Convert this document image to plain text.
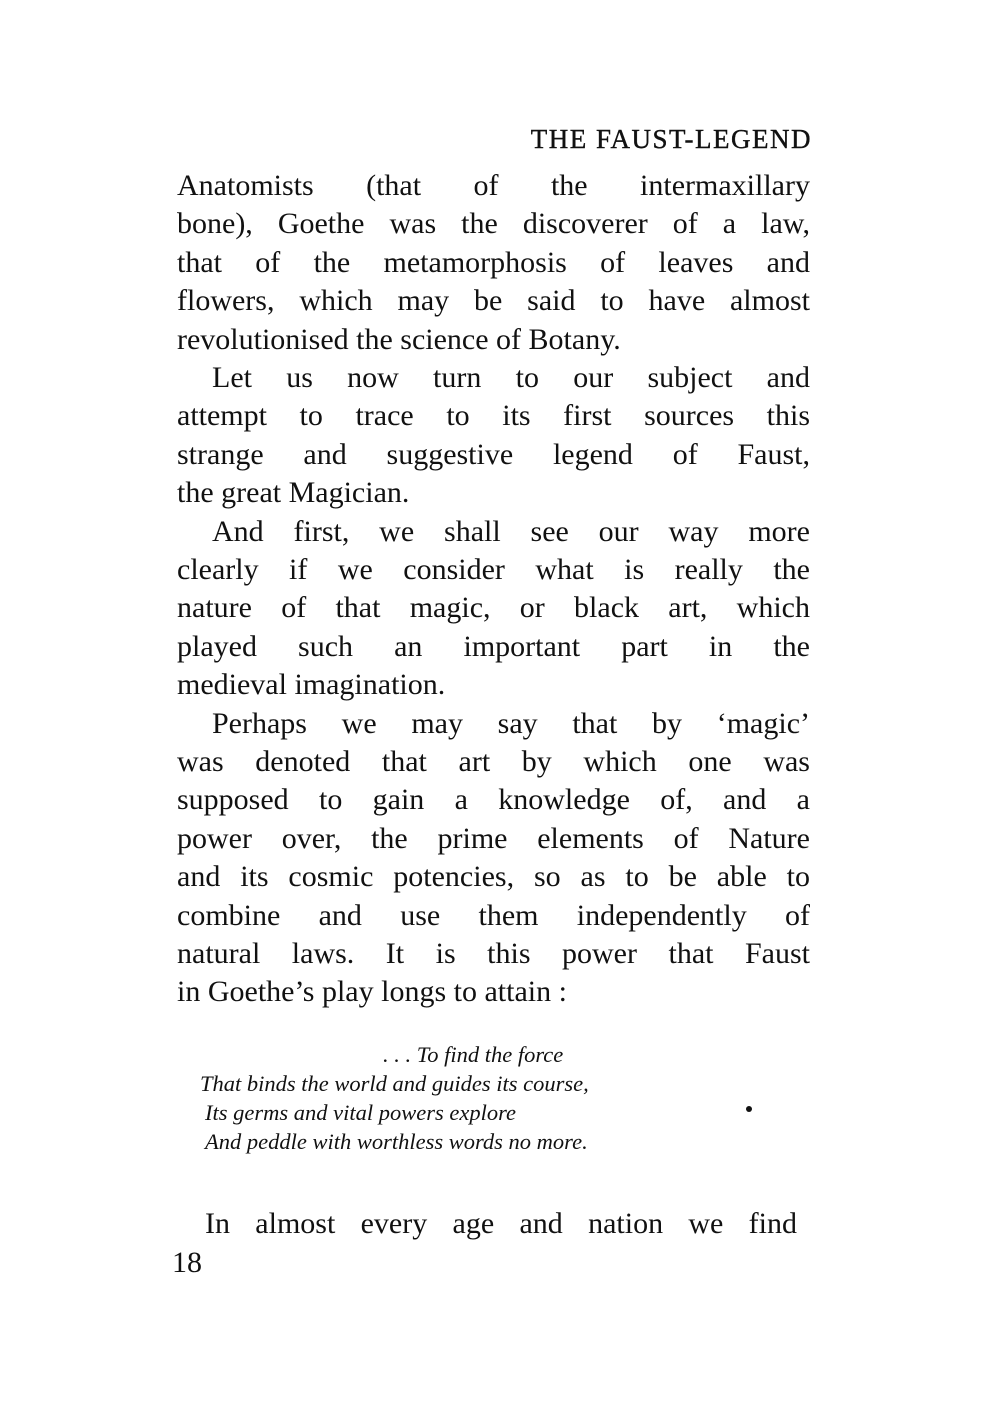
THE FAUST-LEGEND
Anatomists (that of the intermaxillary
bone), Goethe was the discoverer of a law,
that of the metamorphosis of leaves and
flowers, which may be said to have almost
revolutionised the science of Botany.
Let us now turn to our subject and
attempt to trace to its first sources this
strange and suggestive legend of Faust,
the great Magician.
And first, we shall see our way more
clearly if we consider what is really the
nature of that magic, or black art, which
played such an important part in the
medieval imagination.
Perhaps we may say that by ‘magic’
was denoted that art by which one was
supposed to gain a knowledge of, and a
power over, the prime elements of Nature
and its cosmic potencies, so as to be able to
combine and use them independently of
natural laws. It is this power that Faust
in Goethe’s play longs to attain :
. . . To find the force
That binds the world and guides its course,
Its germs and vital powers explore
And peddle with worthless words no more.
In almost every age and nation we find
18
